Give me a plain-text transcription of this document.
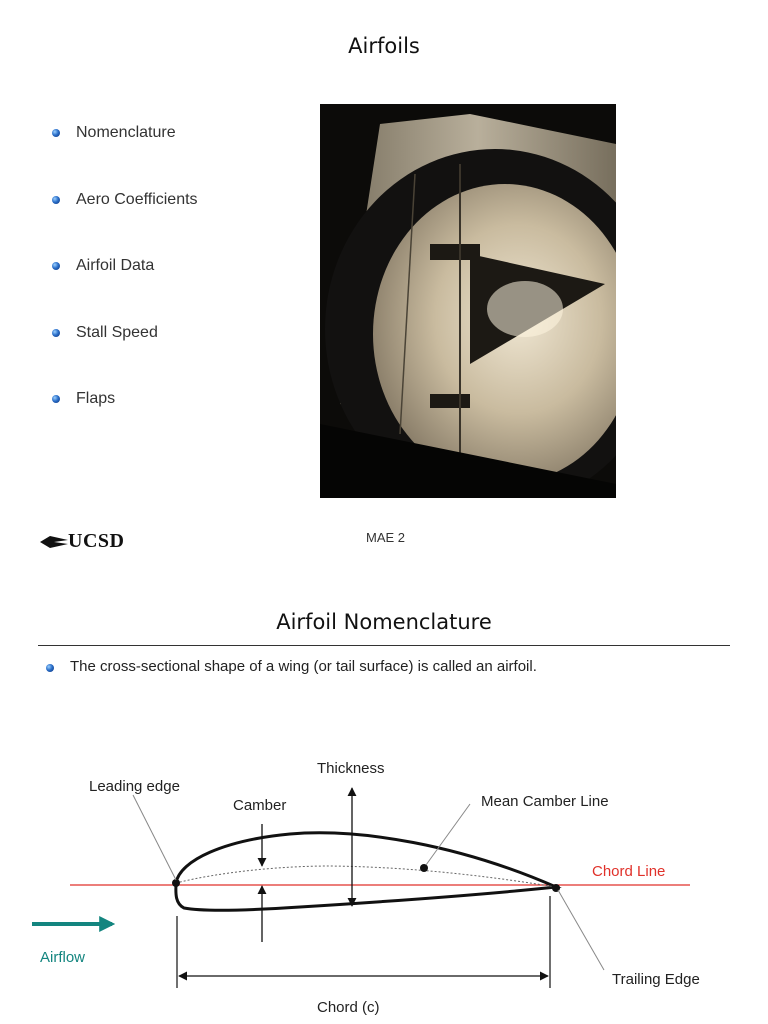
Airfoils
Nomenclature
Aero Coefficients
Airfoil Data
Stall Speed
Flaps
UCSD	MAE 2
Airfoil Nomenclature
The cross-sectional shape of a wing (or tail surface) is called an airfoil.
Thickness
Leading edge
Camber	Mean Camber Line
Chord Line
Airflow
Trailing Edge
Chord (c)
